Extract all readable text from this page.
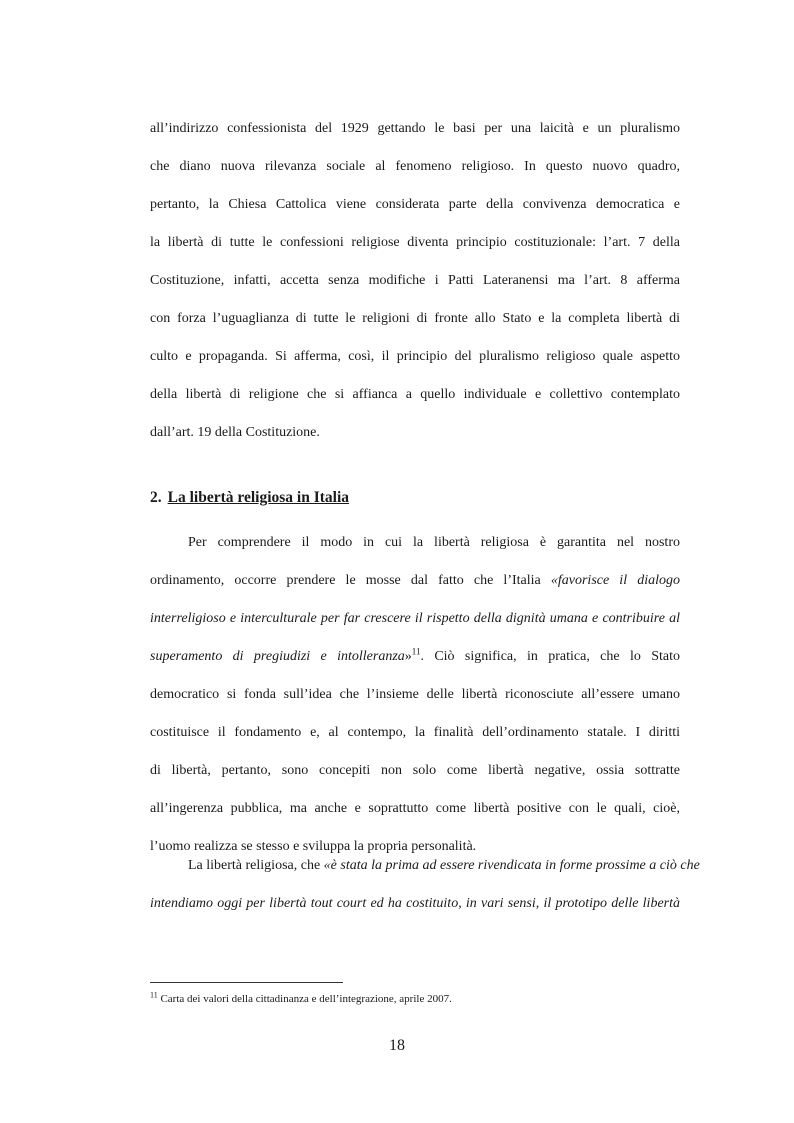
all’indirizzo confessionista del 1929 gettando le basi per una laicità e un pluralismo
che diano nuova rilevanza sociale al fenomeno religioso. In questo nuovo quadro,
pertanto, la Chiesa Cattolica viene considerata parte della convivenza democratica e
la libertà di tutte le confessioni religiose diventa principio costituzionale: l’art. 7 della
Costituzione, infatti, accetta senza modifiche i Patti Lateranensi ma l’art. 8 afferma
con forza l’uguaglianza di tutte le religioni di fronte allo Stato e la completa libertà di
culto e propaganda. Si afferma, così, il principio del pluralismo religioso quale aspetto
della libertà di religione che si affianca a quello individuale e collettivo contemplato
dall’art. 19 della Costituzione.
2. La libertà religiosa in Italia
Per comprendere il modo in cui la libertà religiosa è garantita nel nostro
ordinamento, occorre prendere le mosse dal fatto che l’Italia «favorisce il dialogo
interreligioso e interculturale per far crescere il rispetto della dignità umana e contribuire al
superamento di pregiudizi e intolleranza»$^{11}$. Ciò significa, in pratica, che lo Stato
democratico si fonda sull’idea che l’insieme delle libertà riconosciute all’essere umano
costituisce il fondamento e, al contempo, la finalità dell’ordinamento statale. I diritti
di libertà, pertanto, sono concepiti non solo come libertà negative, ossia sottratte
all’ingerenza pubblica, ma anche e soprattutto come libertà positive con le quali, cioè,
l’uomo realizza se stesso e sviluppa la propria personalità.
La libertà religiosa, che «è stata la prima ad essere rivendicata in forme prossime a ciò che
intendiamo oggi per libertà tout court ed ha costituito, in vari sensi, il prototipo delle libertà
$^{11}$ Carta dei valori della cittadinanza e dell’integrazione, aprile 2007.
18
